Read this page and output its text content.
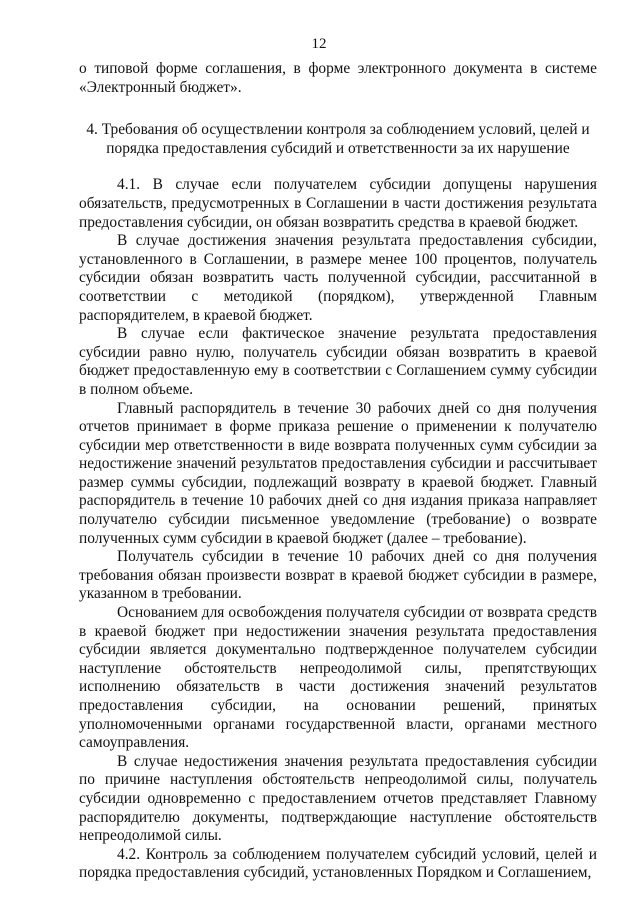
12

о типовой форме соглашения, в форме электронного документа в системе «Электронный бюджет».

4. Требования об осуществлении контроля за соблюдением условий, целей и порядка предоставления субсидий и ответственности за их нарушение

4.1. В случае если получателем субсидии допущены нарушения обязательств, предусмотренных в Соглашении в части достижения результата предоставления субсидии, он обязан возвратить средства в краевой бюджет.

В случае достижения значения результата предоставления субсидии, установленного в Соглашении, в размере менее 100 процентов, получатель субсидии обязан возвратить часть полученной субсидии, рассчитанной в соответствии с методикой (порядком), утвержденной Главным распорядителем, в краевой бюджет.

В случае если фактическое значение результата предоставления субсидии равно нулю, получатель субсидии обязан возвратить в краевой бюджет предоставленную ему в соответствии с Соглашением сумму субсидии в полном объеме.

Главный распорядитель в течение 30 рабочих дней со дня получения отчетов принимает в форме приказа решение о применении к получателю субсидии мер ответственности в виде возврата полученных сумм субсидии за недостижение значений результатов предоставления субсидии и рассчитывает размер суммы субсидии, подлежащий возврату в краевой бюджет. Главный распорядитель в течение 10 рабочих дней со дня издания приказа направляет получателю субсидии письменное уведомление (требование) о возврате полученных сумм субсидии в краевой бюджет (далее – требование).

Получатель субсидии в течение 10 рабочих дней со дня получения требования обязан произвести возврат в краевой бюджет субсидии в размере, указанном в требовании.

Основанием для освобождения получателя субсидии от возврата средств в краевой бюджет при недостижении значения результата предоставления субсидии является документально подтвержденное получателем субсидии наступление обстоятельств непреодолимой силы, препятствующих исполнению обязательств в части достижения значений результатов предоставления субсидии, на основании решений, принятых уполномоченными органами государственной власти, органами местного самоуправления.

В случае недостижения значения результата предоставления субсидии по причине наступления обстоятельств непреодолимой силы, получатель субсидии одновременно с предоставлением отчетов представляет Главному распорядителю документы, подтверждающие наступление обстоятельств непреодолимой силы.

4.2. Контроль за соблюдением получателем субсидий условий, целей и порядка предоставления субсидий, установленных Порядком и Соглашением,
